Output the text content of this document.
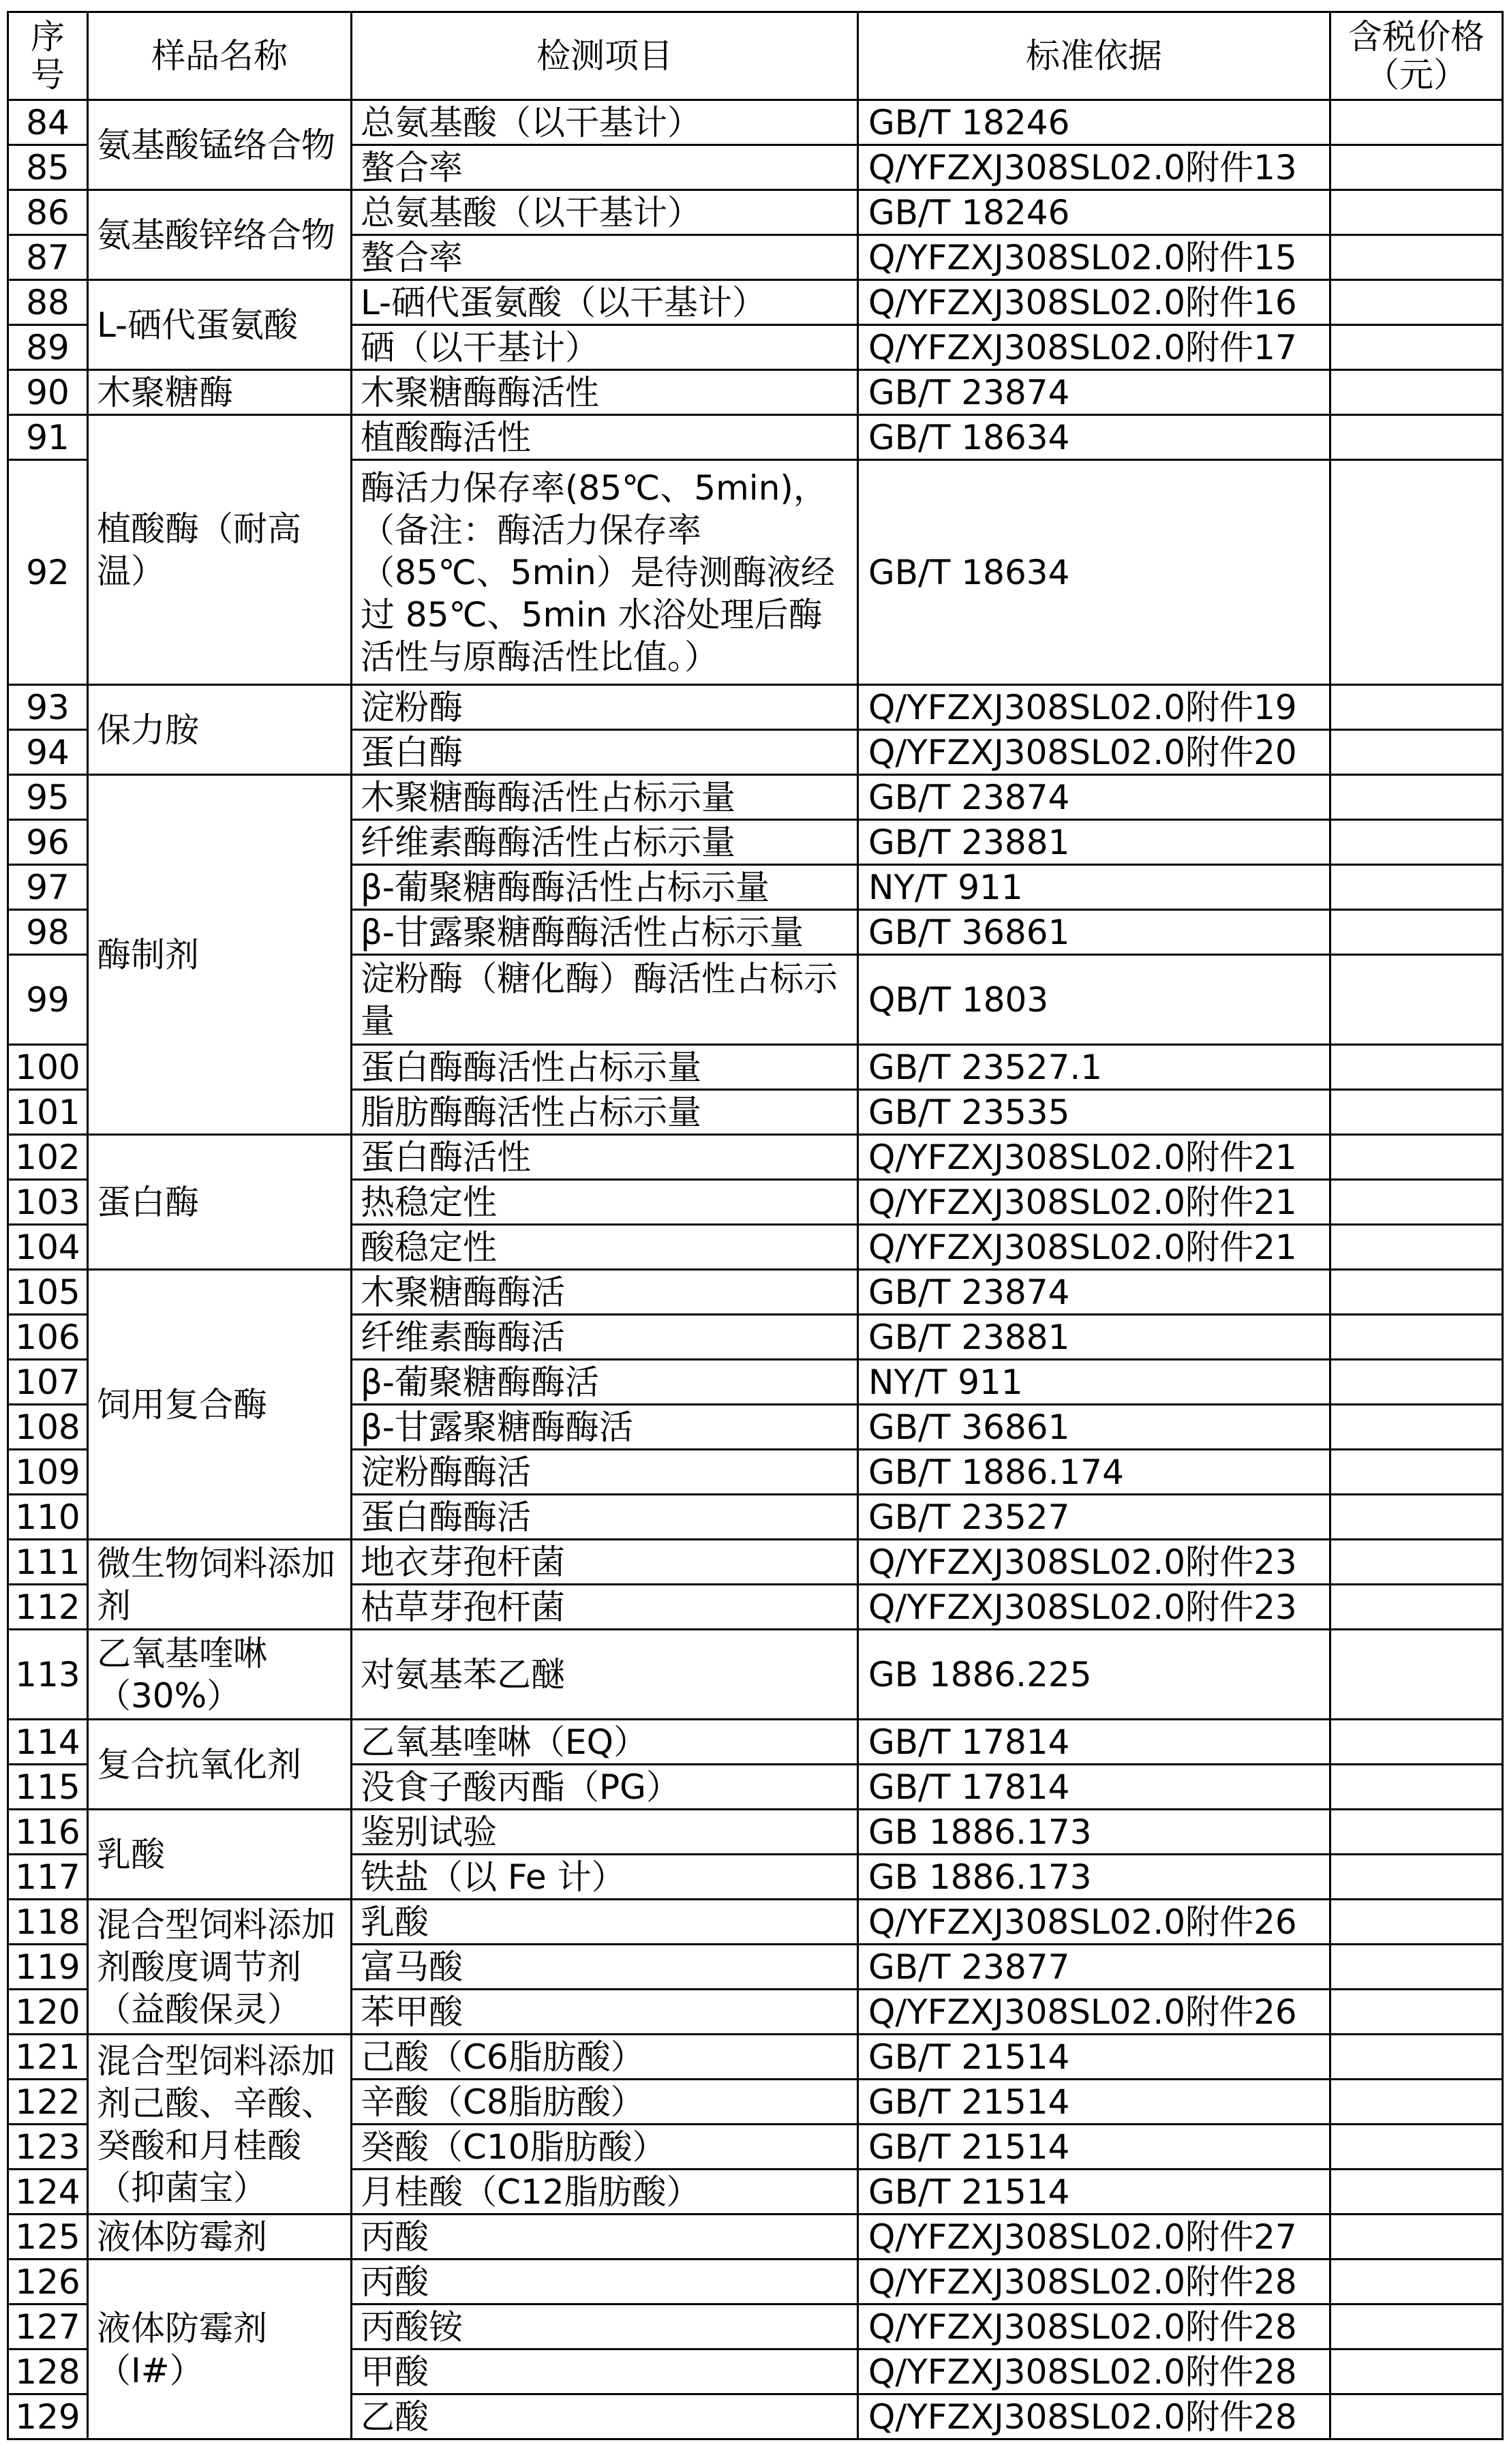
序号	样品名称	检测项目	标准依据	含税价格（元）
84	氨基酸锰络合物	总氨基酸（以干基计）	GB/T 18246	
85		螯合率	Q/YFZXJ308SL02.0附件13	
86	氨基酸锌络合物	总氨基酸（以干基计）	GB/T 18246	
87		螯合率	Q/YFZXJ308SL02.0附件15	
88	L-硒代蛋氨酸	L-硒代蛋氨酸（以干基计）	Q/YFZXJ308SL02.0附件16	
89		硒（以干基计）	Q/YFZXJ308SL02.0附件17	
90	木聚糖酶	木聚糖酶酶活性	GB/T 23874	
91	植酸酶（耐高温）	植酸酶活性	GB/T 18634	
92		酶活力保存率(85℃、5min)，（备注：酶活力保存率（85℃、5min）是待测酶液经过 85℃、5min 水浴处理后酶活性与原酶活性比值。）	GB/T 18634	
93	保力胺	淀粉酶	Q/YFZXJ308SL02.0附件19	
94		蛋白酶	Q/YFZXJ308SL02.0附件20	
95	酶制剂	木聚糖酶酶活性占标示量	GB/T 23874	
96		纤维素酶酶活性占标示量	GB/T 23881	
97		β-葡聚糖酶酶活性占标示量	NY/T 911	
98		β-甘露聚糖酶酶活性占标示量	GB/T 36861	
99		淀粉酶（糖化酶）酶活性占标示量	QB/T 1803	
100		蛋白酶酶活性占标示量	GB/T 23527.1	
101		脂肪酶酶活性占标示量	GB/T 23535	
102	蛋白酶	蛋白酶活性	Q/YFZXJ308SL02.0附件21	
103		热稳定性	Q/YFZXJ308SL02.0附件21	
104		酸稳定性	Q/YFZXJ308SL02.0附件21	
105	饲用复合酶	木聚糖酶酶活	GB/T 23874	
106		纤维素酶酶活	GB/T 23881	
107		β-葡聚糖酶酶活	NY/T 911	
108		β-甘露聚糖酶酶活	GB/T 36861	
109		淀粉酶酶活	GB/T 1886.174	
110		蛋白酶酶活	GB/T 23527	
111	微生物饲料添加剂	地衣芽孢杆菌	Q/YFZXJ308SL02.0附件23	
112		枯草芽孢杆菌	Q/YFZXJ308SL02.0附件23	
113	乙氧基喹啉（30%）	对氨基苯乙醚	GB 1886.225	
114	复合抗氧化剂	乙氧基喹啉（EQ）	GB/T 17814	
115		没食子酸丙酯（PG）	GB/T 17814	
116	乳酸	鉴别试验	GB 1886.173	
117		铁盐（以 Fe 计）	GB 1886.173	
118	混合型饲料添加剂酸度调节剂（益酸保灵）	乳酸	Q/YFZXJ308SL02.0附件26	
119		富马酸	GB/T 23877	
120		苯甲酸	Q/YFZXJ308SL02.0附件26	
121	混合型饲料添加剂己酸、辛酸、癸酸和月桂酸（抑菌宝）	己酸（C6脂肪酸）	GB/T 21514	
122		辛酸（C8脂肪酸）	GB/T 21514	
123		癸酸（C10脂肪酸）	GB/T 21514	
124		月桂酸（C12脂肪酸）	GB/T 21514	
125	液体防霉剂	丙酸	Q/YFZXJ308SL02.0附件27	
126	液体防霉剂（I#）	丙酸	Q/YFZXJ308SL02.0附件28	
127		丙酸铵	Q/YFZXJ308SL02.0附件28	
128		甲酸	Q/YFZXJ308SL02.0附件28	
129		乙酸	Q/YFZXJ308SL02.0附件28	
